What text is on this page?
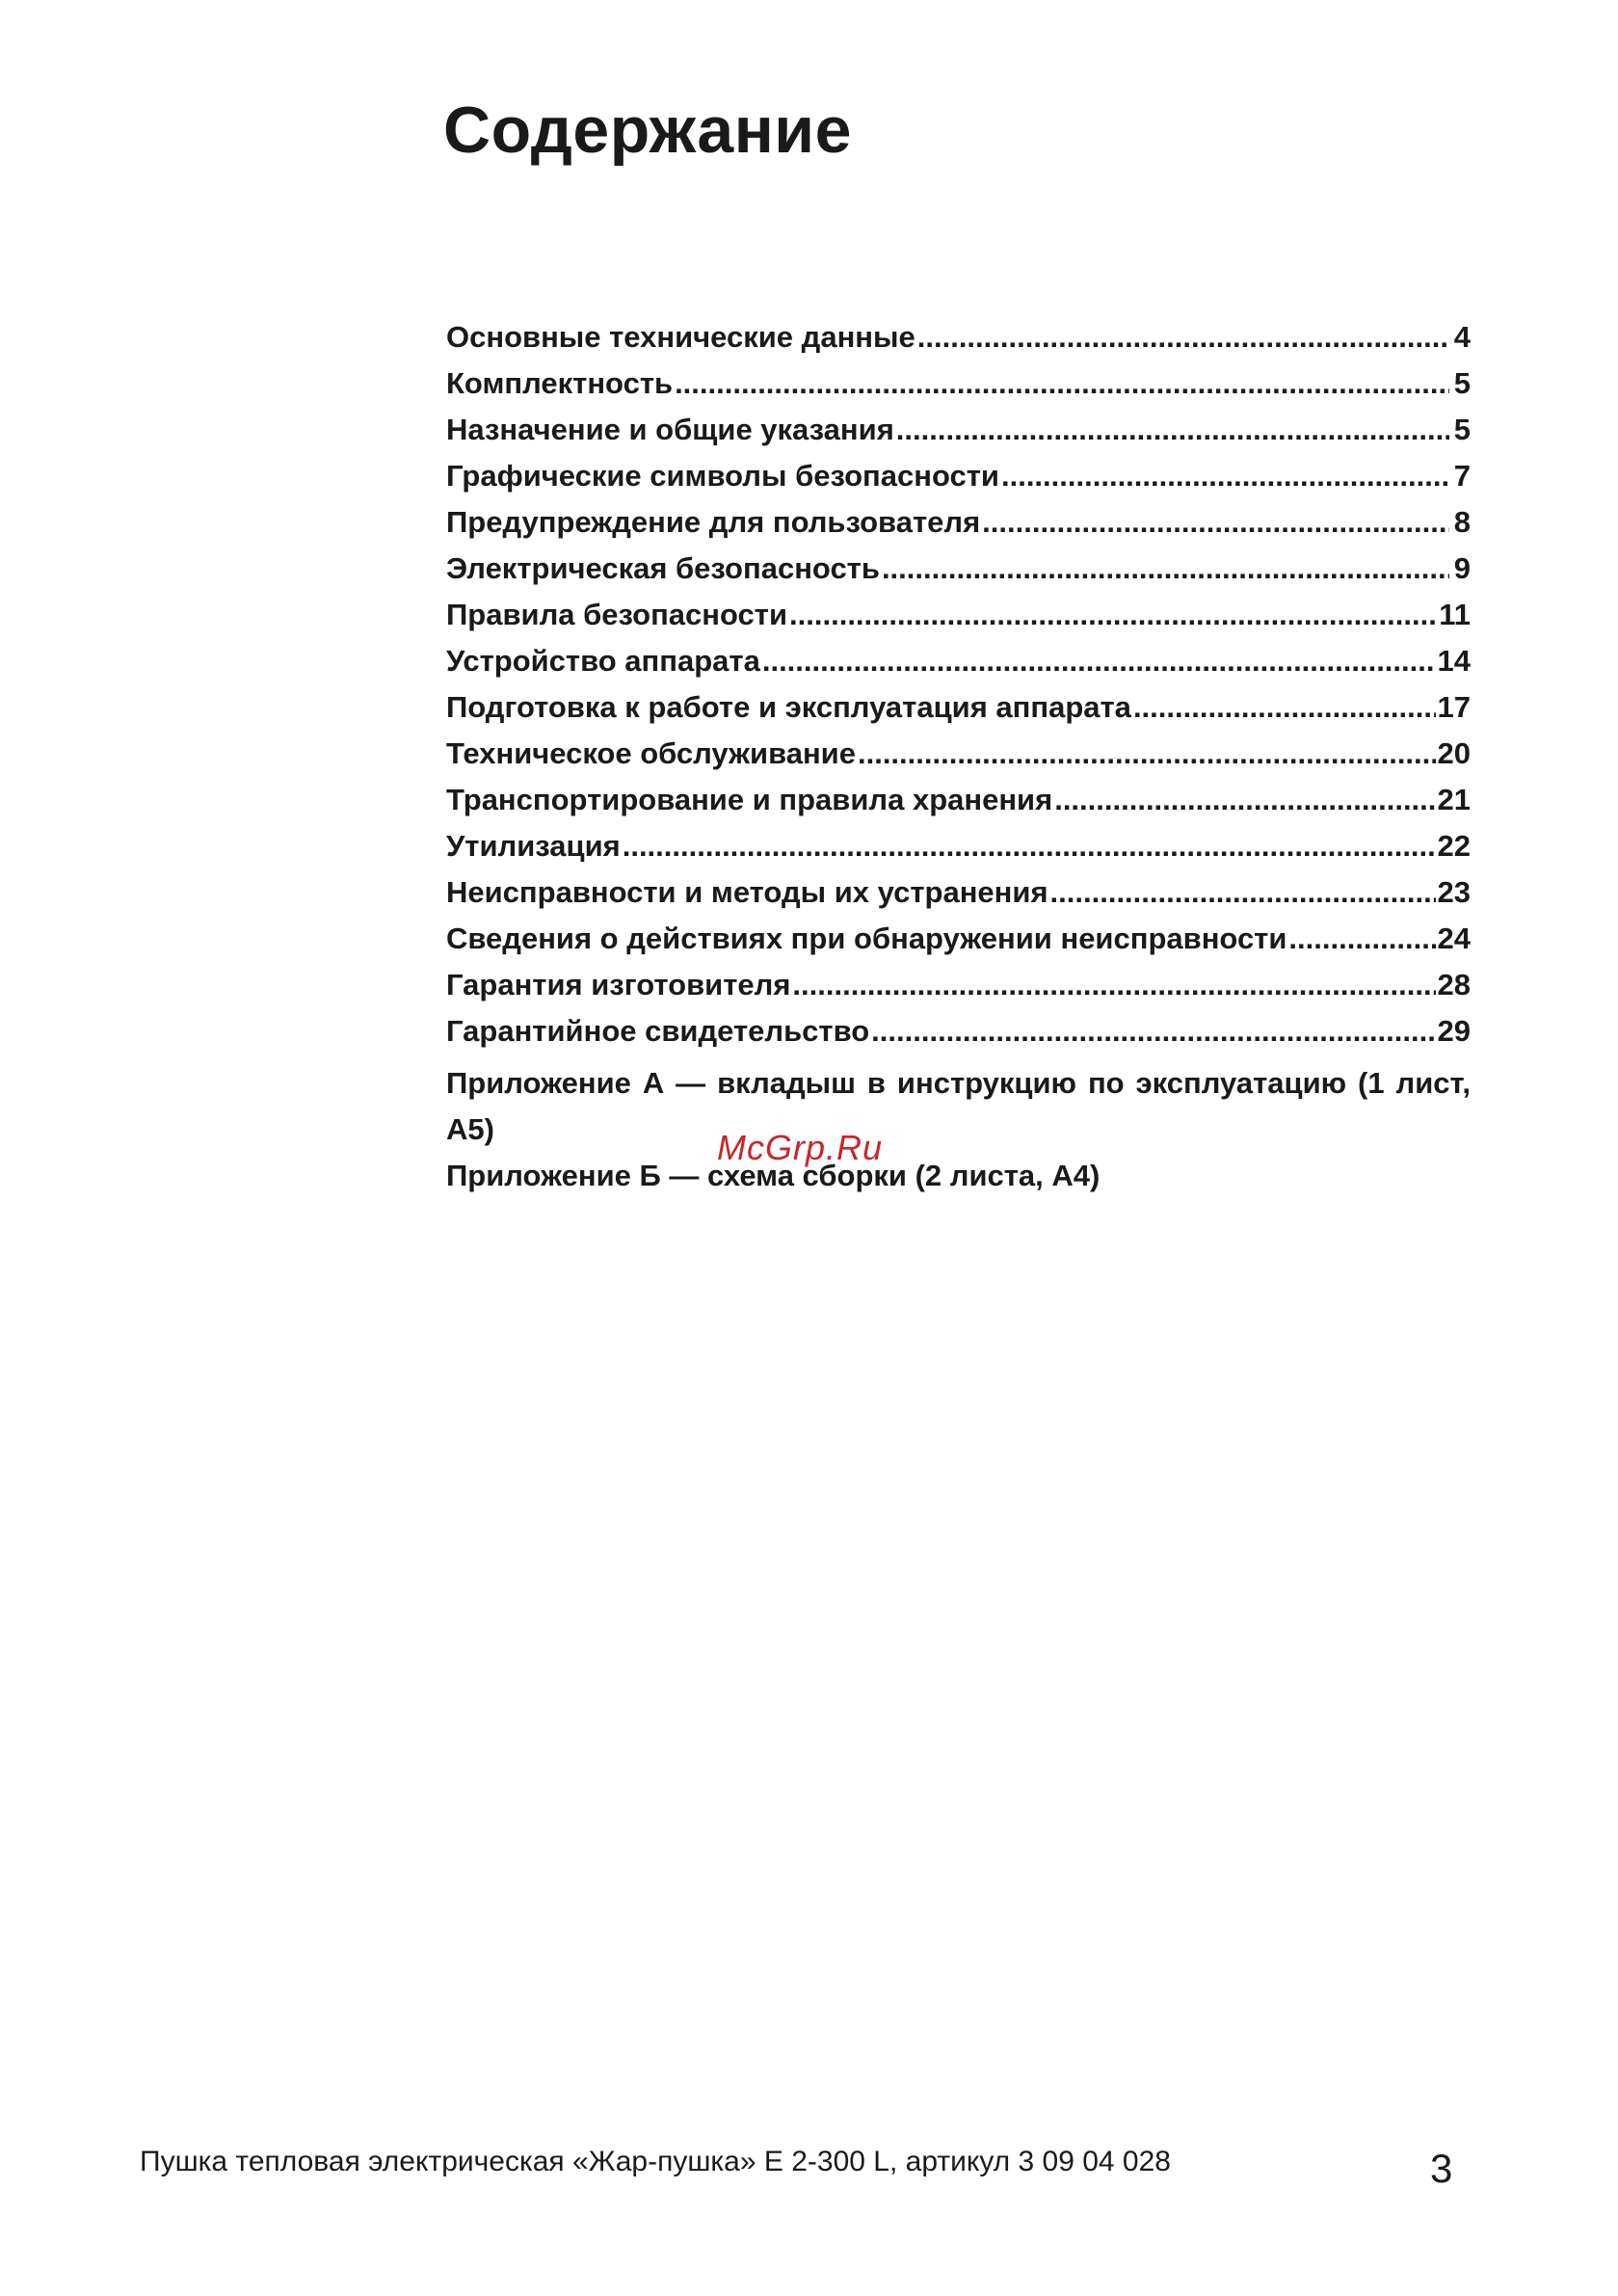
Содержание
Основные технические данные .....	4
Комплектность .....	5
Назначение и общие указания .....	5
Графические символы безопасности .....	7
Предупреждение для пользователя .....	8
Электрическая безопасность .....	9
Правила безопасности .....	11
Устройство аппарата .....	14
Подготовка к работе и эксплуатация аппарата .....	17
Техническое обслуживание .....	20
Транспортирование и правила хранения .....	21
Утилизация .....	22
Неисправности и методы их устранения .....	23
Сведения о действиях при обнаружении неисправности .....	24
Гарантия изготовителя .....	28
Гарантийное свидетельство .....	29

Приложение А — вкладыш в инструкцию по эксплуатацию (1 лист, А5)

Приложение Б — схема сборки (2 листа, А4)

McGrp.Ru
Пушка тепловая электрическая «Жар-пушка» Е 2-300 L, артикул 3 09 04 028	3
